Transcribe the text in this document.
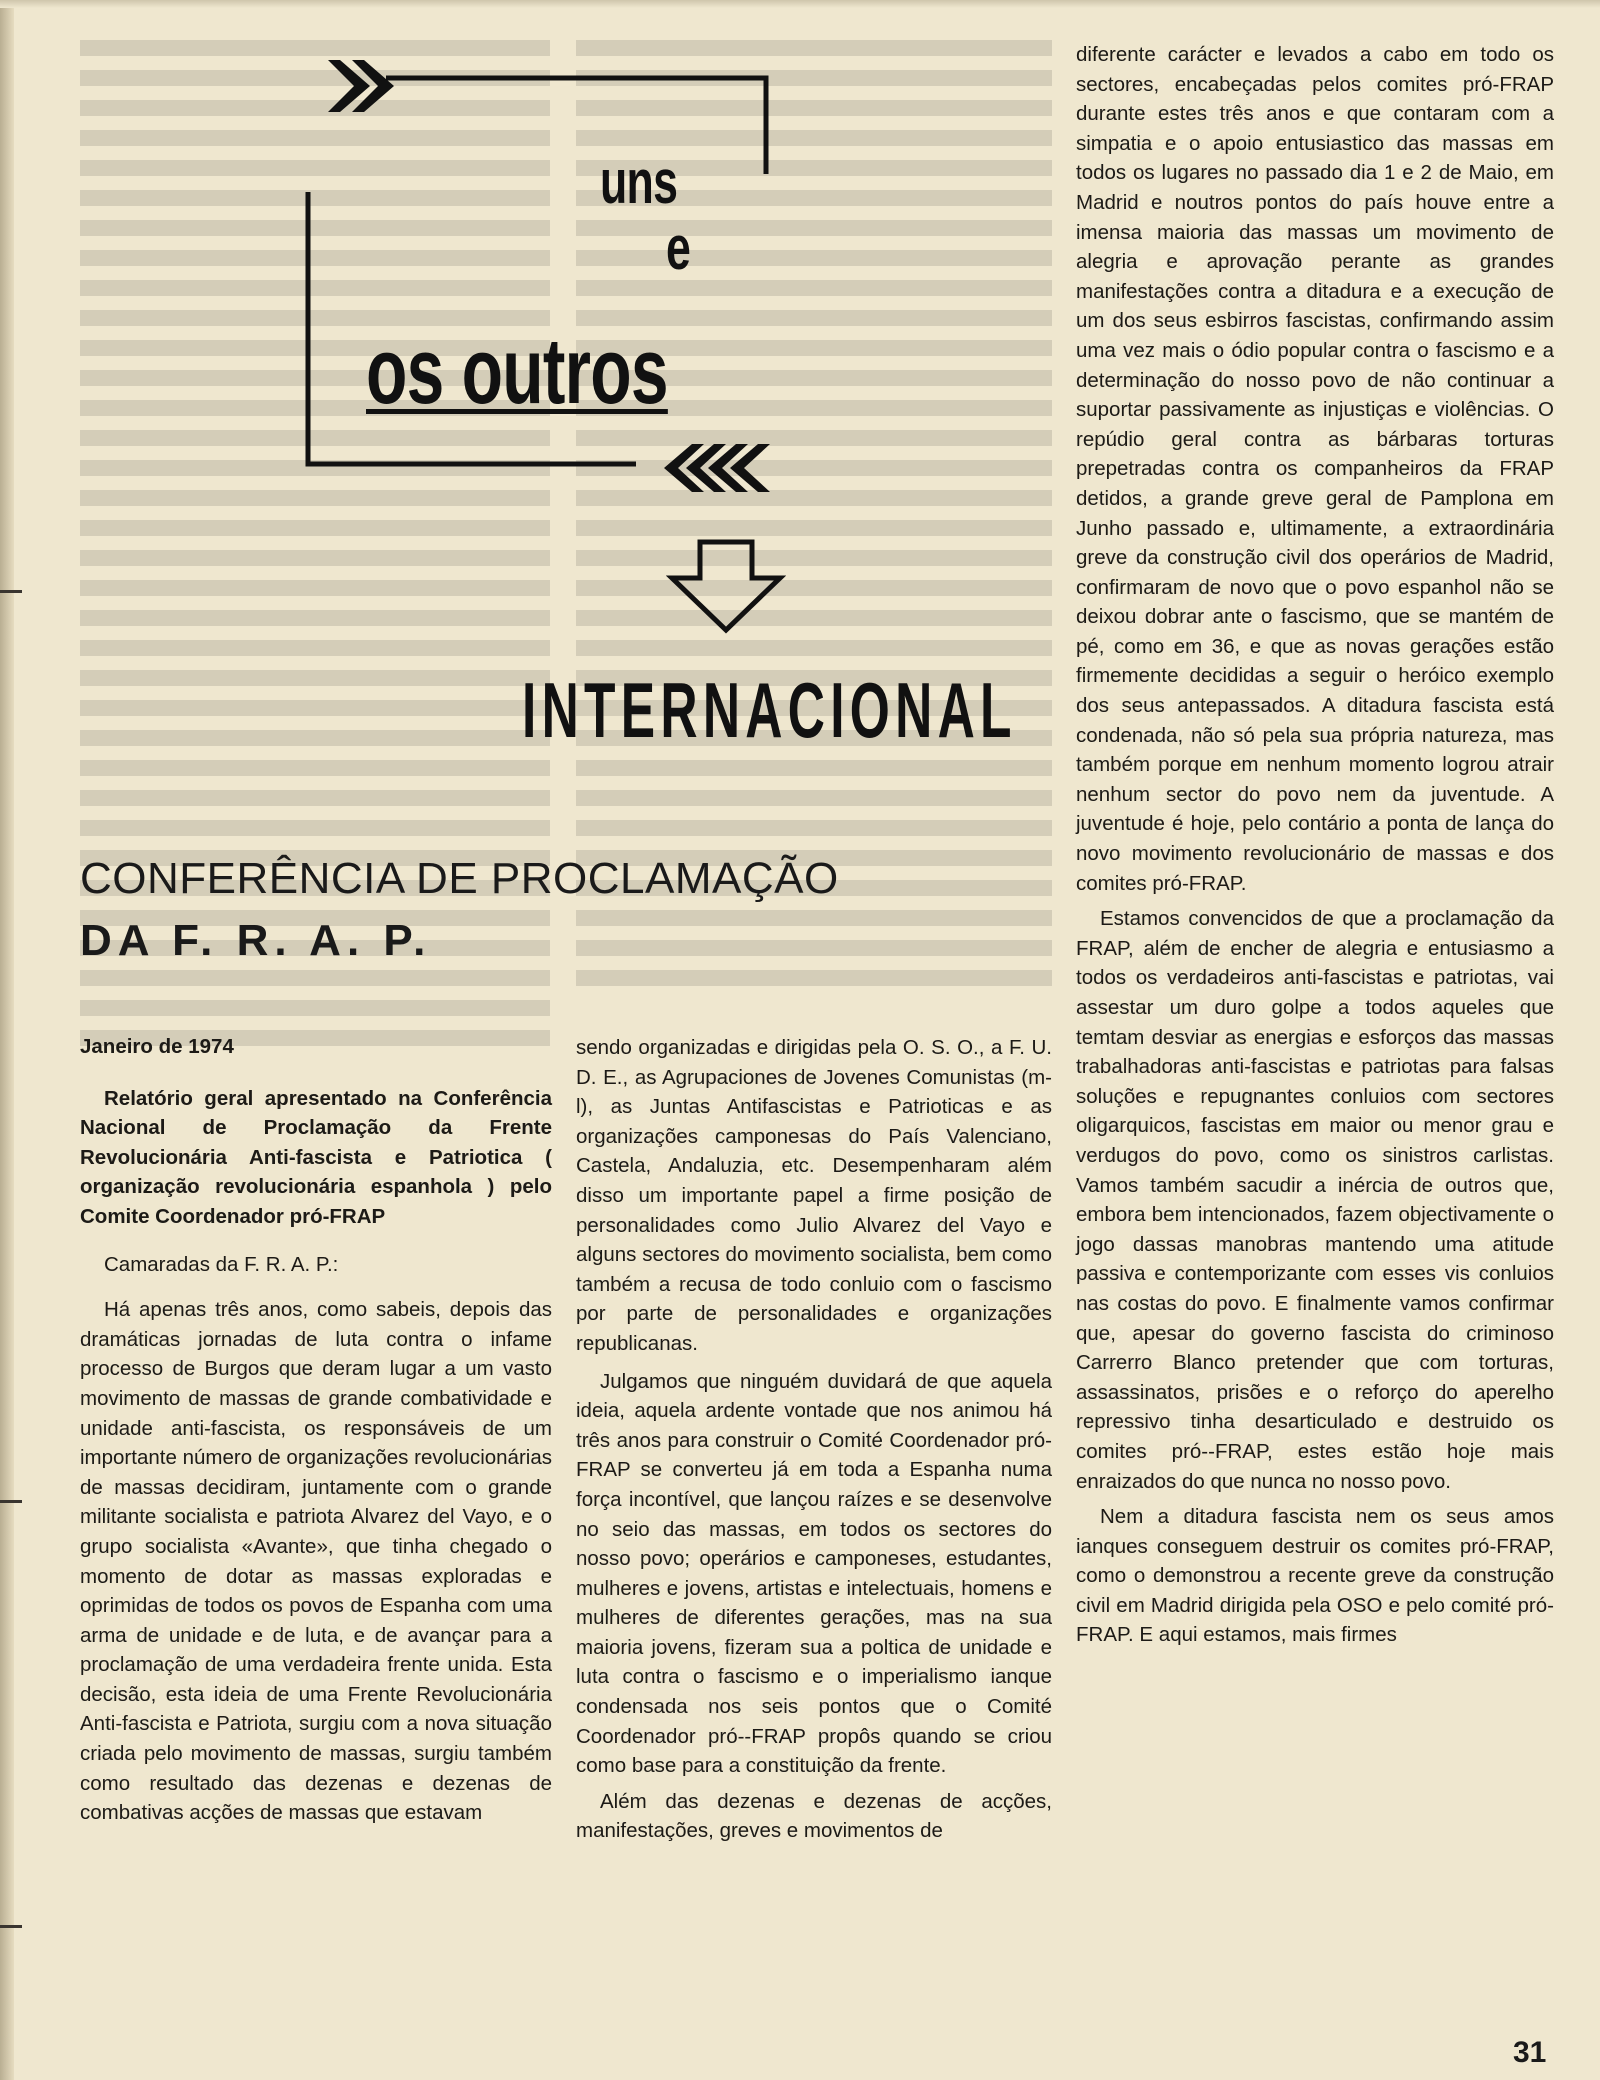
uns
e
os outros
INTERNACIONAL
CONFERÊNCIA DE PROCLAMAÇÃO
DA F. R. A. P.

Janeiro de 1974

Relatório geral apresentado na Conferência Nacional de Proclamação da Frente Revolucionária Anti-fascista e Patriotica ( organização revolucionária espanhola ) pelo Comite Coordenador pró-FRAP

Camaradas da F. R. A. P.:

Há apenas três anos, como sabeis, depois das dramáticas jornadas de luta contra o infame processo de Burgos que deram lugar a um vasto movimento de massas de grande combatividade e unidade anti-fascista, os responsáveis de um importante número de organizações revolucionárias de massas decidiram, juntamente com o grande militante socialista e patriota Alvarez del Vayo, e o grupo socialista «Avante», que tinha chegado o momento de dotar as massas exploradas e oprimidas de todos os povos de Espanha com uma arma de unidade e de luta, e de avançar para a proclamação de uma verdadeira frente unida. Esta decisão, esta ideia de uma Frente Revolucionária Anti-fascista e Patriota, surgiu com a nova situação criada pelo movimento de massas, surgiu também como resultado das dezenas e dezenas de combativas acções de massas que estavam

sendo organizadas e dirigidas pela O. S. O., a F. U. D. E., as Agrupaciones de Jovenes Comunistas (m-l), as Juntas Antifascistas e Patrioticas e as organizações camponesas do País Valenciano, Castela, Andaluzia, etc. Desempenharam além disso um importante papel a firme posição de personalidades como Julio Alvarez del Vayo e alguns sectores do movimento socialista, bem como também a recusa de todo conluio com o fascismo por parte de personalidades e organizações republicanas.

Julgamos que ninguém duvidará de que aquela ideia, aquela ardente vontade que nos animou há três anos para construir o Comité Coordenador pró-FRAP se converteu já em toda a Espanha numa força incontível, que lançou raízes e se desenvolve no seio das massas, em todos os sectores do nosso povo; operários e camponeses, estudantes, mulheres e jovens, artistas e intelectuais, homens e mulheres de diferentes gerações, mas na sua maioria jovens, fizeram sua a poltica de unidade e luta contra o fascismo e o imperialismo ianque condensada nos seis pontos que o Comité Coordenador pró--FRAP propôs quando se criou como base para a constituição da frente.

Além das dezenas e dezenas de acções, manifestações, greves e movimentos de

diferente carácter e levados a cabo em todo os sectores, encabeçadas pelos comites pró-FRAP durante estes três anos e que contaram com a simpatia e o apoio entusiastico das massas em todos os lugares no passado dia 1 e 2 de Maio, em Madrid e noutros pontos do país houve entre a imensa maioria das massas um movimento de alegria e aprovação perante as grandes manifestações contra a ditadura e a execução de um dos seus esbirros fascistas, confirmando assim uma vez mais o ódio popular contra o fascismo e a determinação do nosso povo de não continuar a suportar passivamente as injustiças e violências. O repúdio geral contra as bárbaras torturas prepetradas contra os companheiros da FRAP detidos, a grande greve geral de Pamplona em Junho passado e, ultimamente, a extraordinária greve da construção civil dos operários de Madrid, confirmaram de novo que o povo espanhol não se deixou dobrar ante o fascismo, que se mantém de pé, como em 36, e que as novas gerações estão firmemente decididas a seguir o heróico exemplo dos seus antepassados. A ditadura fascista está condenada, não só pela sua própria natureza, mas também porque em nenhum momento logrou atrair nenhum sector do povo nem da juventude. A juventude é hoje, pelo contário a ponta de lança do novo movimento revolucionário de massas e dos comites pró-FRAP.

Estamos convencidos de que a proclamação da FRAP, além de encher de alegria e entusiasmo a todos os verdadeiros anti-fascistas e patriotas, vai assestar um duro golpe a todos aqueles que temtam desviar as energias e esforços das massas trabalhadoras anti-fascistas e patriotas para falsas soluções e repugnantes conluios com sectores oligarquicos, fascistas em maior ou menor grau e verdugos do povo, como os sinistros carlistas. Vamos também sacudir a inércia de outros que, embora bem intencionados, fazem objectivamente o jogo dassas manobras mantendo uma atitude passiva e contemporizante com esses vis conluios nas costas do povo. E finalmente vamos confirmar que, apesar do governo fascista do criminoso Carrerro Blanco pretender que com torturas, assassinatos, prisões e o reforço do aperelho repressivo tinha desarticulado e destruido os comites pró--FRAP, estes estão hoje mais enraizados do que nunca no nosso povo.

Nem a ditadura fascista nem os seus amos ianques conseguem destruir os comites pró-FRAP, como o demonstrou a recente greve da construção civil em Madrid dirigida pela OSO e pelo comité pró-FRAP. E aqui estamos, mais firmes

31
